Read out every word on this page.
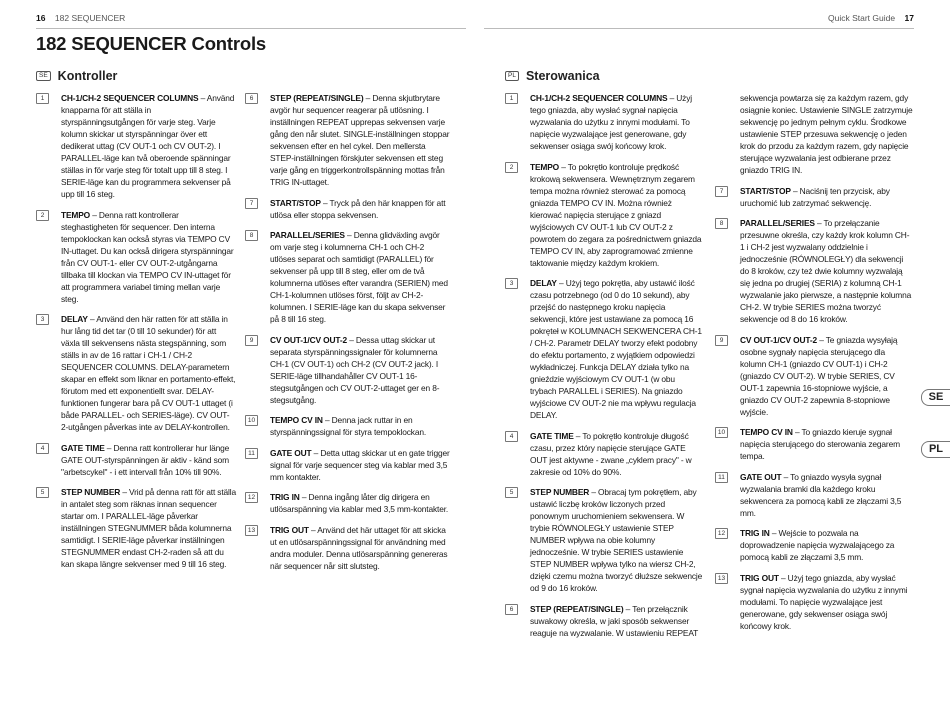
16 182 SEQUENCER	Quick Start Guide 17
182 SEQUENCER Controls
SE Kontroller	PL Sterowanica
1	CH-1/CH-2 SEQUENCER COLUMNS – Använd knapparna för att ställa in styrspänningsutgången för varje steg. Varje kolumn skickar ut styrspänningar över ett dedikerat uttag (CV OUT-1 och CV OUT-2). I PARALLEL-läge kan två oberoende spänningar ställas in för varje steg för totalt upp till 8 steg. I SERIE-läge kan du programmera sekvenser på upp till 16 steg.
2	TEMPO – Denna ratt kontrollerar steghastigheten för sequencer. Den interna tempoklockan kan också styras via TEMPO CV IN-uttaget. Du kan också dirigera styrspänningar från CV OUT-1- eller CV OUT-2-utgångarna tillbaka till klockan via TEMPO CV IN-uttaget för att programmera variabel timing mellan varje steg.
3	DELAY – Använd den här ratten för att ställa in hur lång tid det tar (0 till 10 sekunder) för att växla till sekvensens nästa stegspänning, som ställs in av de 16 rattar i CH-1 / CH-2 SEQUENCER COLUMNS. DELAY-parametern skapar en effekt som liknar en portamento-effekt, förutom med ett exponentiellt svar. DELAY-funktionen fungerar bara på CV OUT-1 uttaget (i både PARALLEL- och SERIES-läge). CV OUT-2-utgången påverkas inte av DELAY-kontrollen.
4	GATE TIME – Denna ratt kontrollerar hur länge GATE OUT-styrspänningen är aktiv - känd som "arbetscykel" - i ett intervall från 10% till 90%.
5	STEP NUMBER – Vrid på denna ratt för att ställa in antalet steg som räknas innan sequencer startar om. I PARALLEL-läge påverkar inställningen STEGNUMMER båda kolumnerna samtidigt. I SERIE-läge påverkar inställningen STEGNUMMER endast CH-2-raden så att du kan skapa längre sekvenser med 9 till 16 steg.
6	STEP (REPEAT/SINGLE) – Denna skjutbrytare avgör hur sequencer reagerar på utlösning. I inställningen REPEAT upprepas sekvensen varje gång den når slutet. SINGLE-inställningen stoppar sekvensen efter en hel cykel. Den mellersta STEP-inställningen förskjuter sekvensen ett steg varje gång en triggerkontrollspänning mottas från TRIG IN-uttaget.
7	START/STOP – Tryck på den här knappen för att utlösa eller stoppa sekvensen.
8	PARALLEL/SERIES – Denna glidväxling avgör om varje steg i kolumnerna CH-1 och CH-2 utlöses separat och samtidigt (PARALLEL) för sekvenser på upp till 8 steg, eller om de två kolumnerna utlöses efter varandra (SERIEN) med CH-1-kolumnen utlöses först, följt av CH-2-kolumnen. I SERIE-läge kan du skapa sekvenser på 8 till 16 steg.
9	CV OUT-1/CV OUT-2 – Dessa uttag skickar ut separata styrspänningssignaler för kolumnerna CH-1 (CV OUT-1) och CH-2 (CV OUT-2 jack). I SERIE-läge tillhandahåller CV OUT-1 16-stegsutgången och CV OUT-2-uttaget ger en 8-stegsutgång.
10	TEMPO CV IN – Denna jack ruttar in en styrspänningssignal för styra tempoklockan.
11	GATE OUT – Detta uttag skickar ut en gate trigger signal för varje sequencer steg via kablar med 3,5 mm kontakter.
12	TRIG IN – Denna ingång låter dig dirigera en utlösarspänning via kablar med 3,5 mm-kontakter.
13	TRIG OUT – Använd det här uttaget för att skicka ut en utlösarspänningssignal för användning med andra moduler. Denna utlösarspänning genereras när sequencer når sitt slutsteg.
1	CH-1/CH-2 SEQUENCER COLUMNS – Użyj tego gniazda, aby wysłać sygnał napięcia wyzwalania do użytku z innymi modułami. To napięcie wyzwalające jest generowane, gdy sekwenser osiąga swój końcowy krok.
2	TEMPO – To pokrętło kontroluje prędkość krokową sekwensera. Wewnętrznym zegarem tempa można również sterować za pomocą gniazda TEMPO CV IN. Można również kierować napięcia sterujące z gniazd wyjściowych CV OUT-1 lub CV OUT-2 z powrotem do zegara za pośrednictwem gniazda TEMPO CV IN, aby zaprogramować zmienne taktowanie między każdym krokiem.
3	DELAY – Użyj tego pokrętła, aby ustawić ilość czasu potrzebnego (od 0 do 10 sekund), aby przejść do następnego kroku napięcia sekwencji, które jest ustawiane za pomocą 16 pokręteł w KOLUMNACH SEKWENCERA CH-1 / CH-2. Parametr DELAY tworzy efekt podobny do efektu portamento, z wyjątkiem odpowiedzi wykładniczej. Funkcja DELAY działa tylko na gnieździe wyjściowym CV OUT-1 (w obu trybach PARALLEL i SERIES). Na gniazdo wyjściowe CV OUT-2 nie ma wpływu regulacja DELAY.
4	GATE TIME – To pokrętło kontroluje długość czasu, przez który napięcie sterujące GATE OUT jest aktywne - zwane „cyklem pracy" - w zakresie od 10% do 90%.
5	STEP NUMBER – Obracaj tym pokrętłem, aby ustawić liczbę kroków liczonych przed ponownym uruchomieniem sekwensera. W trybie RÓWNOLEGŁY ustawienie STEP NUMBER wpływa na obie kolumny jednocześnie. W trybie SERIES ustawienie STEP NUMBER wpływa tylko na wiersz CH-2, dzięki czemu można tworzyć dłuższe sekwencje od 9 do 16 kroków.
6	STEP (REPEAT/SINGLE) – Ten przełącznik suwakowy określa, w jaki sposób sekwenser reaguje na wyzwalanie. W ustawieniu REPEAT
sekwencja powtarza się za każdym razem, gdy osiągnie koniec. Ustawienie SINGLE zatrzymuje sekwencję po jednym pełnym cyklu. Środkowe ustawienie STEP przesuwa sekwencję o jeden krok do przodu za każdym razem, gdy napięcie sterujące wyzwalania jest odbierane przez gniazdo TRIG IN.
7	START/STOP – Naciśnij ten przycisk, aby uruchomić lub zatrzymać sekwencję.
8	PARALLEL/SERIES – To przełączanie przesuwne określa, czy każdy krok kolumn CH-1 i CH-2 jest wyzwalany oddzielnie i jednocześnie (RÓWNOLEGŁY) dla sekwencji do 8 kroków, czy też dwie kolumny wyzwalają się jedna po drugiej (SERIA) z kolumną CH-1 wyzwalanie jako pierwsze, a następnie kolumna CH-2. W trybie SERIES można tworzyć sekwencje od 8 do 16 kroków.
9	CV OUT-1/CV OUT-2 – Te gniazda wysyłają osobne sygnały napięcia sterującego dla kolumn CH-1 (gniazdo CV OUT-1) i CH-2 (gniazdo CV OUT-2). W trybie SERIES, CV OUT-1 zapewnia 16-stopniowe wyjście, a gniazdo CV OUT-2 zapewnia 8-stopniowe wyjście.
10	TEMPO CV IN – To gniazdo kieruje sygnał napięcia sterującego do sterowania zegarem tempa.
11	GATE OUT – To gniazdo wysyła sygnał wyzwalania bramki dla każdego kroku sekwencera za pomocą kabli ze złączami 3,5 mm.
12	TRIG IN – Wejście to pozwala na doprowadzenie napięcia wyzwalającego za pomocą kabli ze złączami 3,5 mm.
13	TRIG OUT – Użyj tego gniazda, aby wysłać sygnał napięcia wyzwalania do użytku z innymi modułami. To napięcie wyzwalające jest generowane, gdy sekwenser osiąga swój końcowy krok.
SE
PL
